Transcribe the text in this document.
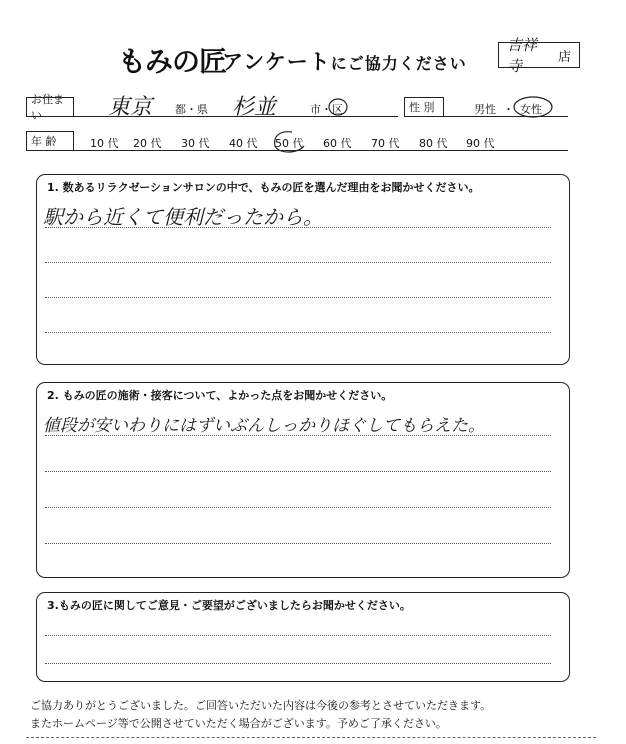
もみの匠
アンケートにご協力ください
吉祥寺	店
お住まい	東京 都・県 杉並	市・区	性 別	男性 ・ 女性
年 齢	10 代 20 代 30 代 40 代 50 代 60 代 70 代 80 代 90 代
1. 数あるリラクゼーションサロンの中で、もみの匠を選んだ理由をお聞かせください。
駅から近くて便利だったから。
2. もみの匠の施術・接客について、よかった点をお聞かせください。
値段が安いわりにはずいぶんしっかりほぐしてもらえた。
3.もみの匠に関してご意見・ご要望がございましたらお聞かせください。
ご協力ありがとうございました。ご回答いただいた内容は今後の参考とさせていただきます。
またホームページ等で公開させていただく場合がございます。予めご了承ください。
